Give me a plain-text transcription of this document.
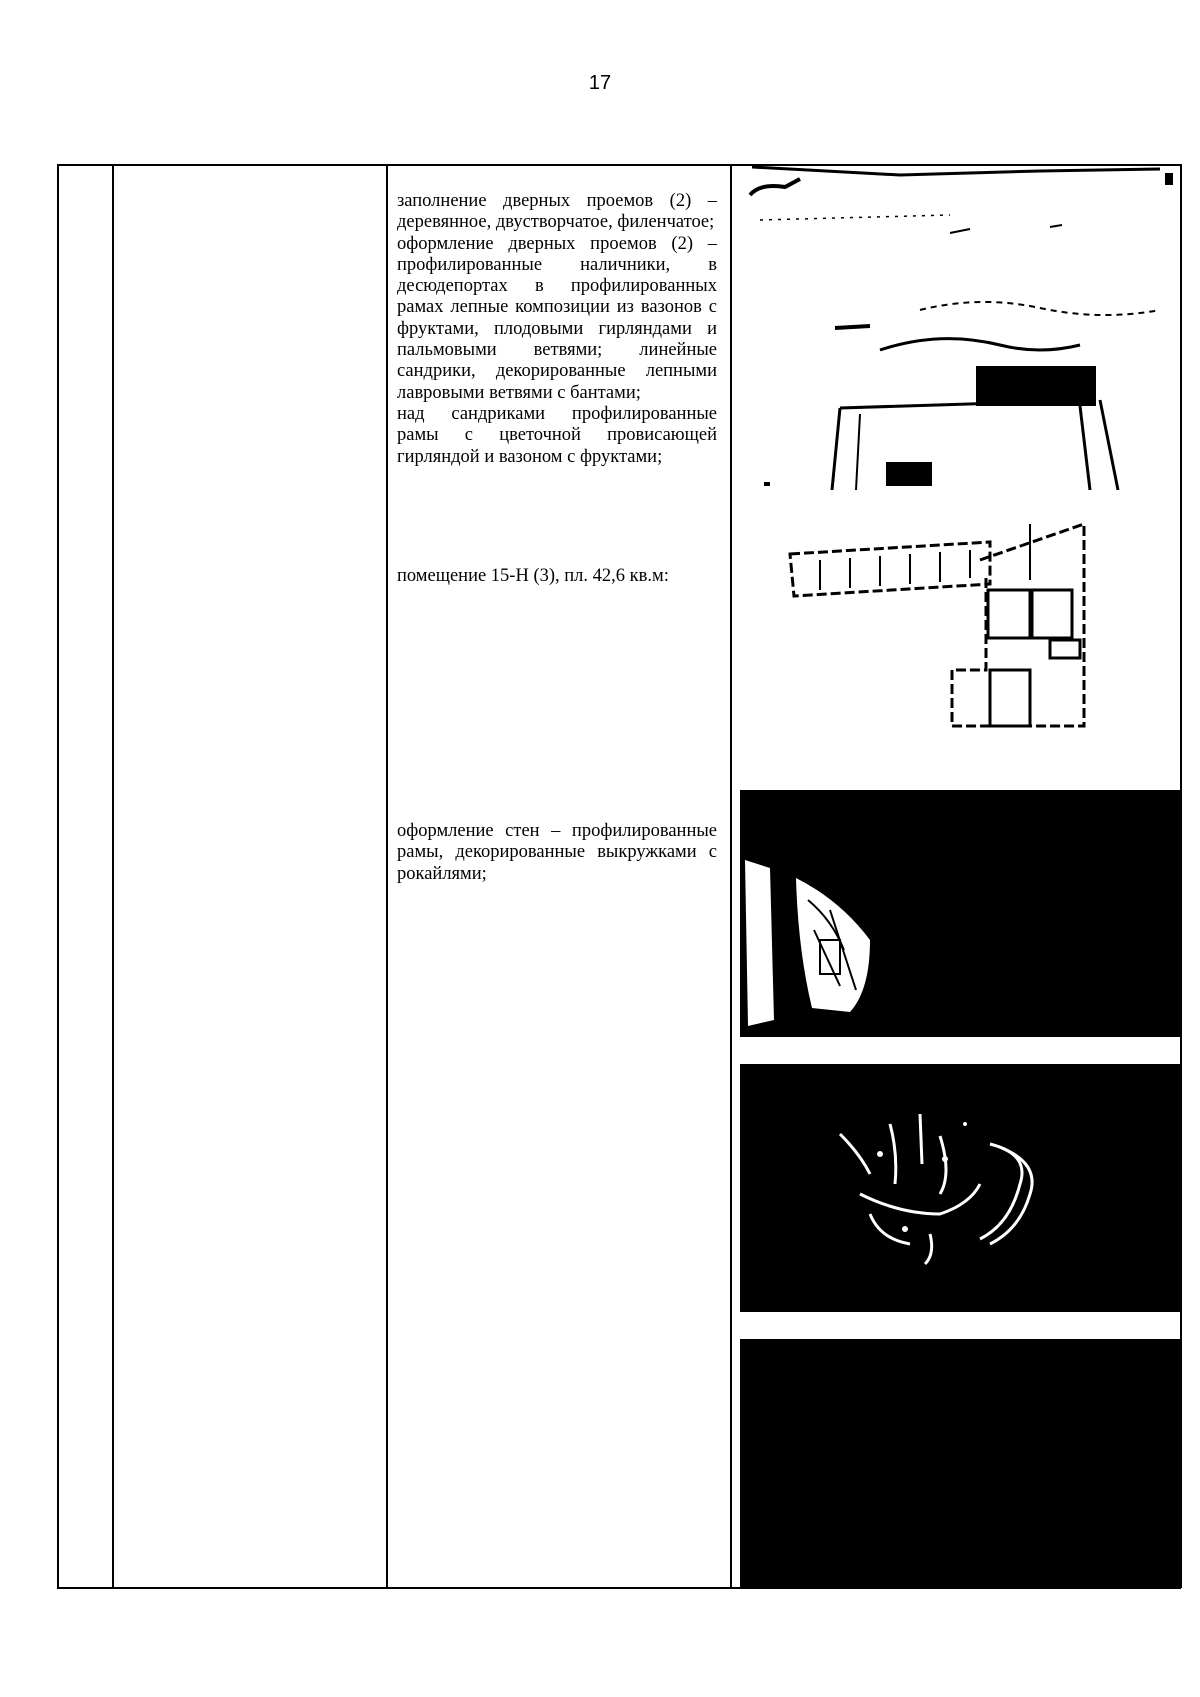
17

заполнение дверных проемов (2) – деревянное, двустворчатое, филенчатое;

оформление дверных проемов (2) – профилированные наличники, в десюдепортах в профилированных рамах лепные композиции из вазонов с фруктами, плодовыми гирляндами и пальмовыми ветвями; линейные сандрики, декорированные лепными лавровыми ветвями с бантами;

над сандриками профилированные рамы с цветочной провисающей гирляндой и вазоном с фруктами;

помещение 15-Н (3), пл. 42,6 кв.м:

оформление стен – профилированные рамы, декорированные выкружками с рокайлями;
